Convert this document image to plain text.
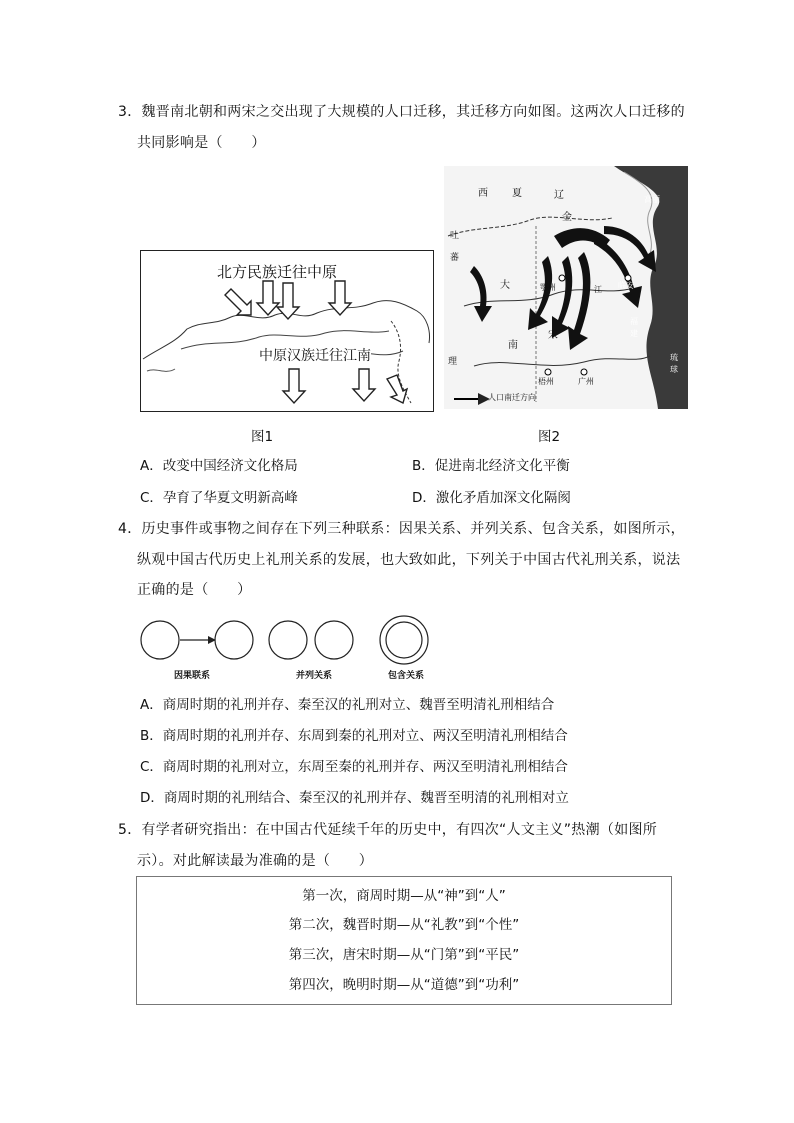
3．魏晋南北朝和两宋之交出现了大规模的人口迁移，其迁移方向如图。这两次人口迁移的
共同影响是（　　）
北方民族迁往中原
中原汉族迁往江南
图1
西 夏	辽
金
吐
蕃
大
理
南
宋
临安
鄂州	江
梧州	广州
福
建
琉
球
高丽
人口南迁方向
图2
A．改变中国经济文化格局	B．促进南北经济文化平衡
C．孕育了华夏文明新高峰	D．激化矛盾加深文化隔阂
4．历史事件或事物之间存在下列三种联系：因果关系、并列关系、包含关系，如图所示，
纵观中国古代历史上礼刑关系的发展，也大致如此，下列关于中国古代礼刑关系，说法
正确的是（　　）
因果联系	并列关系	包含关系
A．商周时期的礼刑并存、秦至汉的礼刑对立、魏晋至明清礼刑相结合
B．商周时期的礼刑并存、东周到秦的礼刑对立、两汉至明清礼刑相结合
C．商周时期的礼刑对立，东周至秦的礼刑并存、两汉至明清礼刑相结合
D．商周时期的礼刑结合、秦至汉的礼刑并存、魏晋至明清的礼刑相对立
5．有学者研究指出：在中国古代延续千年的历史中，有四次“人文主义”热潮（如图所
示）。对此解读最为准确的是（　　）
第一次，商周时期—从“神”到“人”
第二次，魏晋时期—从“礼教”到“个性”
第三次，唐宋时期—从“门第”到“平民”
第四次，晚明时期—从“道德”到“功利”
